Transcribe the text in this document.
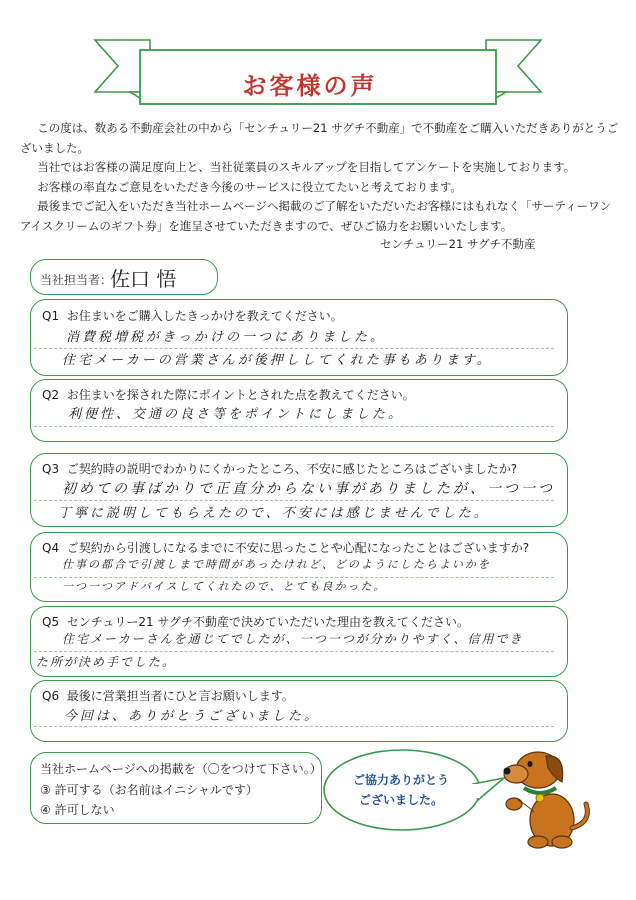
お客様の声

この度は、数ある不動産会社の中から「センチュリー21 サグチ不動産」で不動産をご購入いただきありがとうございました。

当社ではお客様の満足度向上と、当社従業員のスキルアップを目指してアンケートを実施しております。

お客様の率直なご意見をいただき今後のサービスに役立てたいと考えております。

最後までご記入をいただき当社ホームページへ掲載のご了解をいただいたお客様にはもれなく「サーティーワンアイスクリームのギフト券」を進呈させていただきますので、ぜひご協力をお願いいたします。

センチュリー21 サグチ不動産
当社担当者：
佐口 悟
Q1 お住まいをご購入したきっかけを教えてください。
消費税増税がきっかけの一つにありました。
住宅メーカーの営業さんが後押ししてくれた事もあります。
Q2 お住まいを探された際にポイントとされた点を教えてください。
利便性、交通の良さ等をポイントにしました。
Q3 ご契約時の説明でわかりにくかったところ、不安に感じたところはございましたか?
初めての事ばかりで正直分からない事がありましたが、一つ一つ
丁寧に説明してもらえたので、不安には感じませんでした。
Q4 ご契約から引渡しになるまでに不安に思ったことや心配になったことはございますか?
仕事の都合で引渡しまで時間があったけれど、どのようにしたらよいかを
一つ一つアドバイスしてくれたので、とても良かった。
Q5 センチュリー21 サグチ不動産で決めていただいた理由を教えてください。
住宅メーカーさんを通じてでしたが、一つ一つが分かりやすく、信用でき
た所が決め手でした。
Q6 最後に営業担当者にひと言お願いします。
今回は、ありがとうございました。
当社ホームページへの掲載を（〇をつけて下さい。）
③ 許可する（お名前はイニシャルです）
④ 許可しない
ご協力ありがとう
ございました。
